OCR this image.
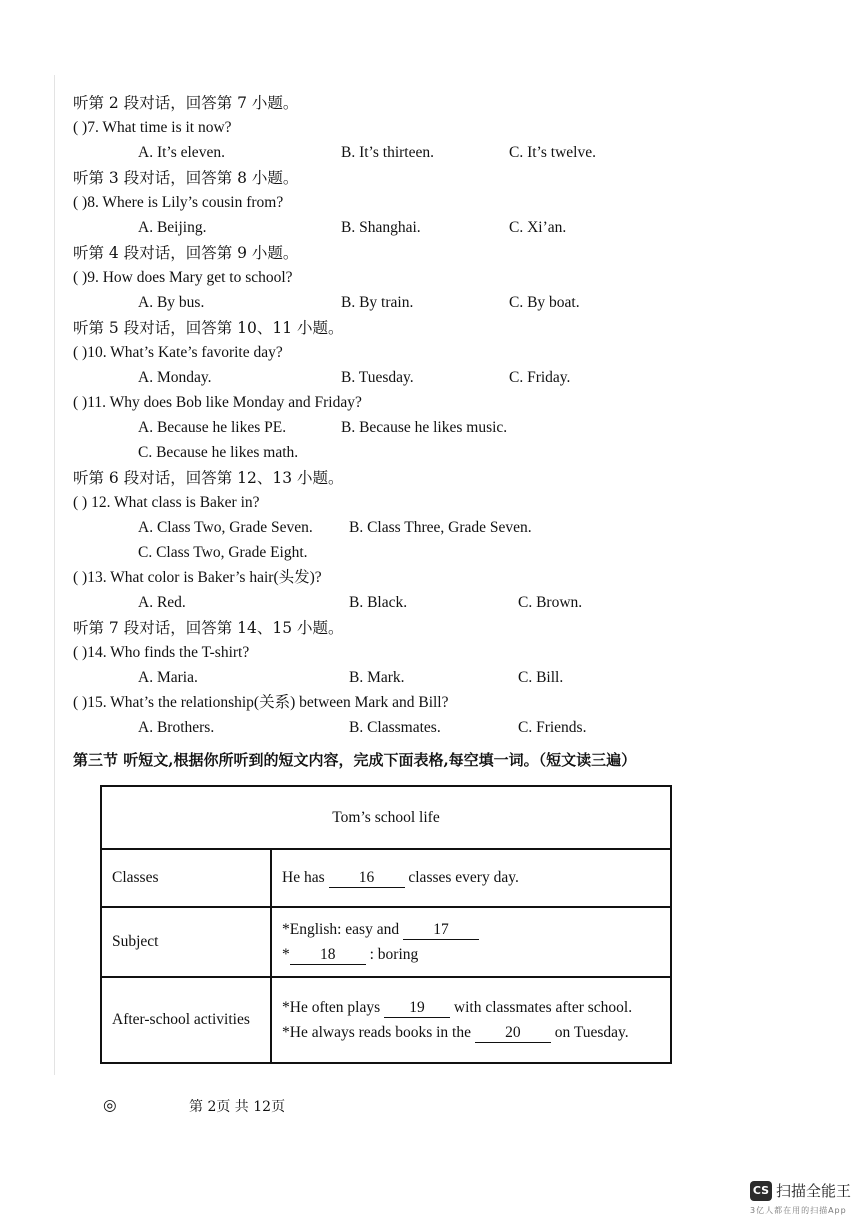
听第 2 段对话，回答第 7 小题。
( )7. What time is it now?
A. It’s eleven.	B. It’s thirteen.	C. It’s twelve.
听第 3 段对话，回答第 8 小题。
( )8. Where is Lily’s cousin from?
A. Beijing.	B. Shanghai.	C. Xi’an.
听第 4 段对话，回答第 9 小题。
( )9. How does Mary get to school?
A. By bus.	B. By train.	C. By boat.
听第 5 段对话，回答第 10、11 小题。
( )10. What’s Kate’s favorite day?
A. Monday.	B. Tuesday.	C. Friday.
( )11. Why does Bob like Monday and Friday?
A. Because he likes PE.	B. Because he likes music.
C. Because he likes math.
听第 6 段对话，回答第 12、13 小题。
( ) 12. What class is Baker in?
A. Class Two, Grade Seven. B. Class Three, Grade Seven.
C. Class Two, Grade Eight.
( )13. What color is Baker’s hair(头发)?
A. Red.	B. Black.	C. Brown.
听第 7 段对话，回答第 14、15 小题。
( )14. Who finds the T-shirt?
A. Maria.	B. Mark.	C. Bill.
( )15. What’s the relationship(关系) between Mark and Bill?
A. Brothers.	B. Classmates.	C. Friends.
第三节 听短文,根据你所听到的短文内容，完成下面表格,每空填一词。（短文读三遍）
Tom’s school life	
Classes	He has 16 classes every day.
Subject	*English: easy and 17
* 18 : boring

After-school activities	*He often plays 19 with classmates after school.
*He always reads books in the 20 on Tuesday.
◎	第 2页 共 12页
CS 扫描全能王
3亿人都在用的扫描App
